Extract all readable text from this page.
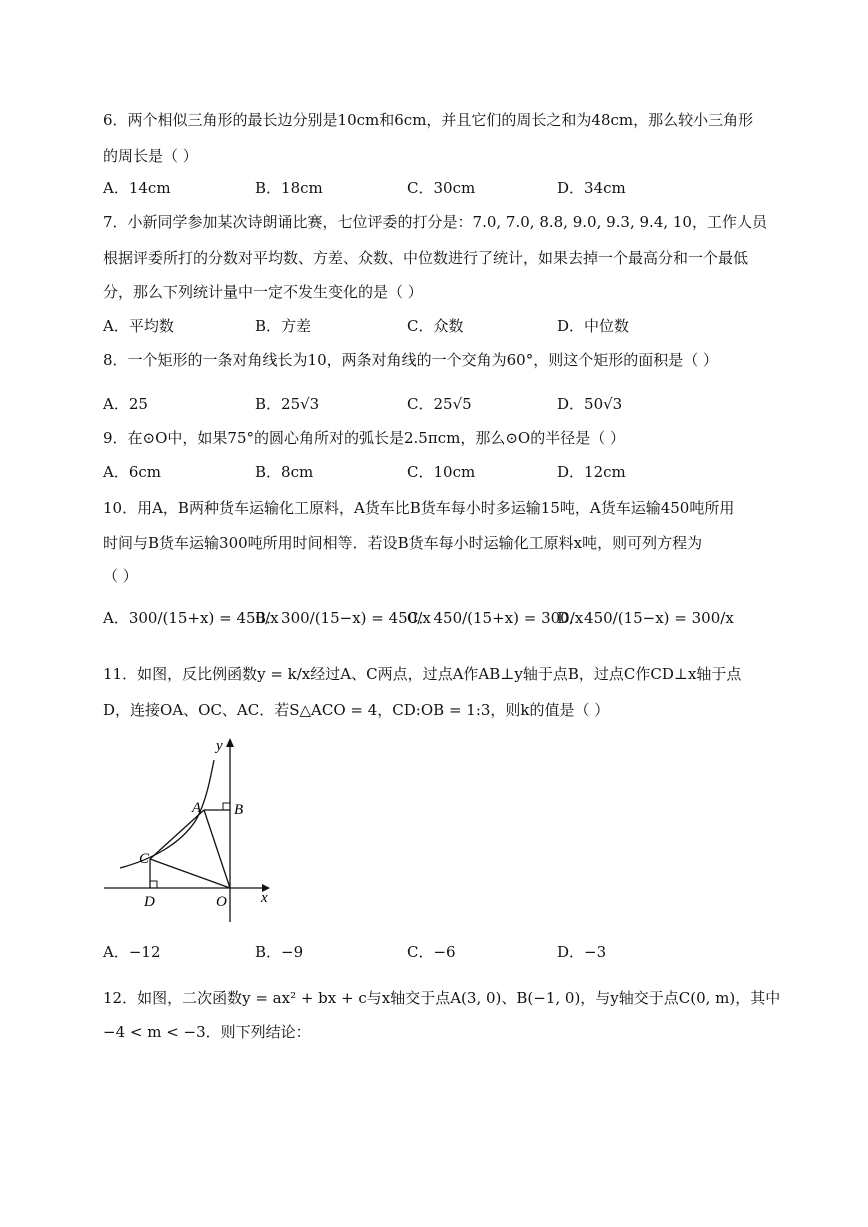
6．两个相似三角形的最长边分别是10cm和6cm，并且它们的周长之和为48cm，那么较小三角形
的周长是（ ）
A．14cm	B．18cm	C．30cm	D．34cm
7．小新同学参加某次诗朗诵比赛，七位评委的打分是：7.0, 7.0, 8.8, 9.0, 9.3, 9.4, 10，工作人员
根据评委所打的分数对平均数、方差、众数、中位数进行了统计，如果去掉一个最高分和一个最低
分，那么下列统计量中一定不发生变化的是（ ）
A．平均数	B．方差	C．众数	D．中位数
8．一个矩形的一条对角线长为10，两条对角线的一个交角为60°，则这个矩形的面积是（ ）
A．25	B．25√3	C．25√5	D．50√3
9．在⊙O中，如果75°的圆心角所对的弧长是2.5πcm，那么⊙O的半径是（ ）
A．6cm	B．8cm	C．10cm	D．12cm
10．用A，B两种货车运输化工原料，A货车比B货车每小时多运输15吨，A货车运输450吨所用
时间与B货车运输300吨所用时间相等．若设B货车每小时运输化工原料x吨，则可列方程为
（ ）
A．300/(15+x) = 450/x
B．300/(15−x) = 450/x
C．450/(15+x) = 300/x
D．450/(15−x) = 300/x
11．如图，反比例函数y = k/x经过A、C两点，过点A作AB⊥y轴于点B，过点C作CD⊥x轴于点
D，连接OA、OC、AC．若S△ACO = 4，CD:OB = 1:3，则k的值是（ ）
y
A B
C
D	O x
A．−12	B．−9	C．−6	D．−3
12．如图，二次函数y = ax² + bx + c与x轴交于点A(3, 0)、B(−1, 0)，与y轴交于点C(0, m)，其中
−4 < m < −3．则下列结论：
